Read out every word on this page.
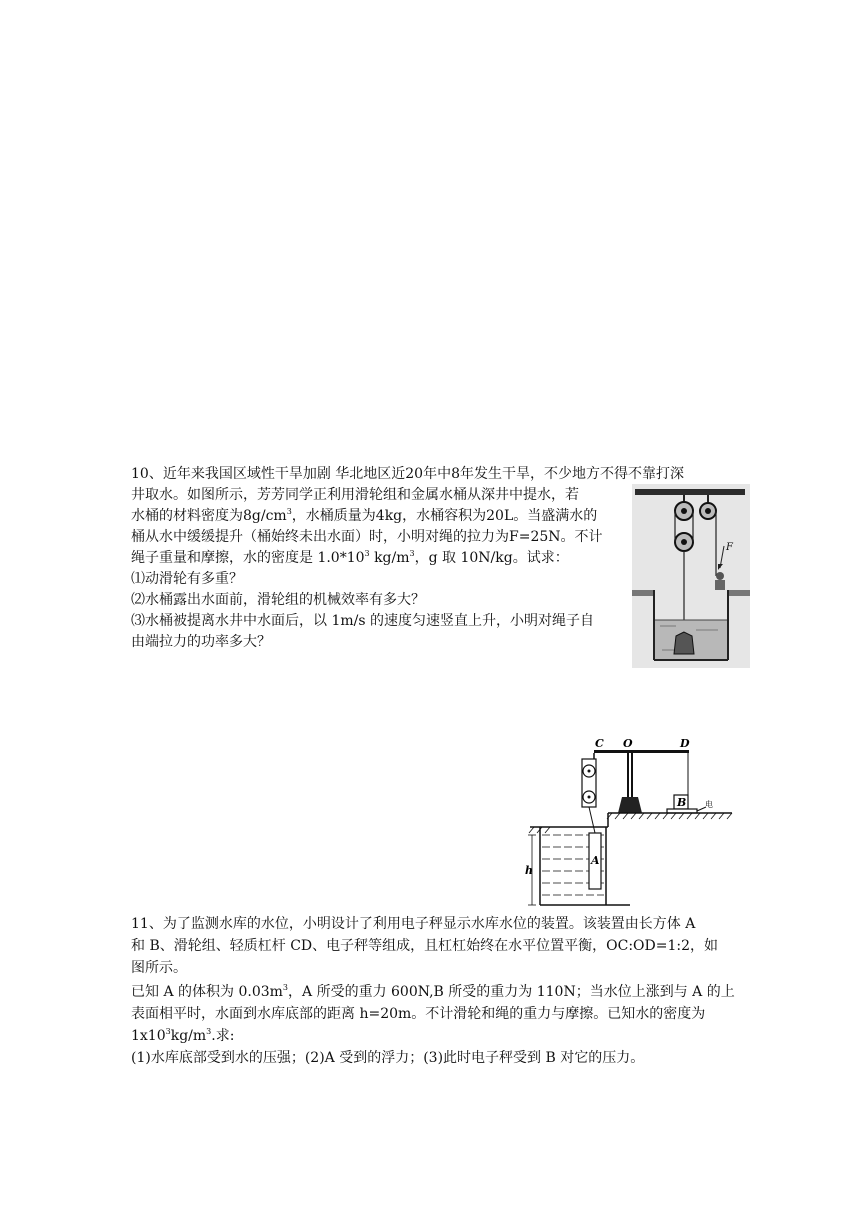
10、近年来我国区域性干旱加剧 华北地区近20年中8年发生干旱，不少地方不得不靠打深
井取水。如图所示，芳芳同学正利用滑轮组和金属水桶从深井中提水，若
水桶的材料密度为$8g/cm^3$，水桶质量为4kg，水桶容积为20L。当盛满水的
桶从水中缓缓提升（桶始终未出水面）时，小明对绳的拉力为F=25N。不计
绳子重量和摩擦，水的密度是 $1.0*10^3$ $kg/m^3$，g 取 10N/kg。试求：
⑴动滑轮有多重？
⑵水桶露出水面前，滑轮组的机械效率有多大？
⑶水桶被提离水井中水面后，以 1m/s 的速度匀速竖直上升，小明对绳子自
由端拉力的功率多大？
F
C O	D
B 电
A
h
11、为了监测水库的水位，小明设计了利用电子秤显示水库水位的装置。该装置由长方体 A
和 B、滑轮组、轻质杠杆 CD、电子秤等组成，且杠杠始终在水平位置平衡，OC:OD=1:2，如
图所示。
已知 A 的体积为 $0.03m^3$，A 所受的重力 600N,B 所受的重力为 110N；当水位上涨到与 A 的上
表面相平时，水面到水库底部的距离 h=20m。不计滑轮和绳的重力与摩擦。已知水的密度为
$1x10^3kg/m^3$.求:
(1)水库底部受到水的压强；(2)A 受到的浮力；(3)此时电子秤受到 B 对它的压力。
